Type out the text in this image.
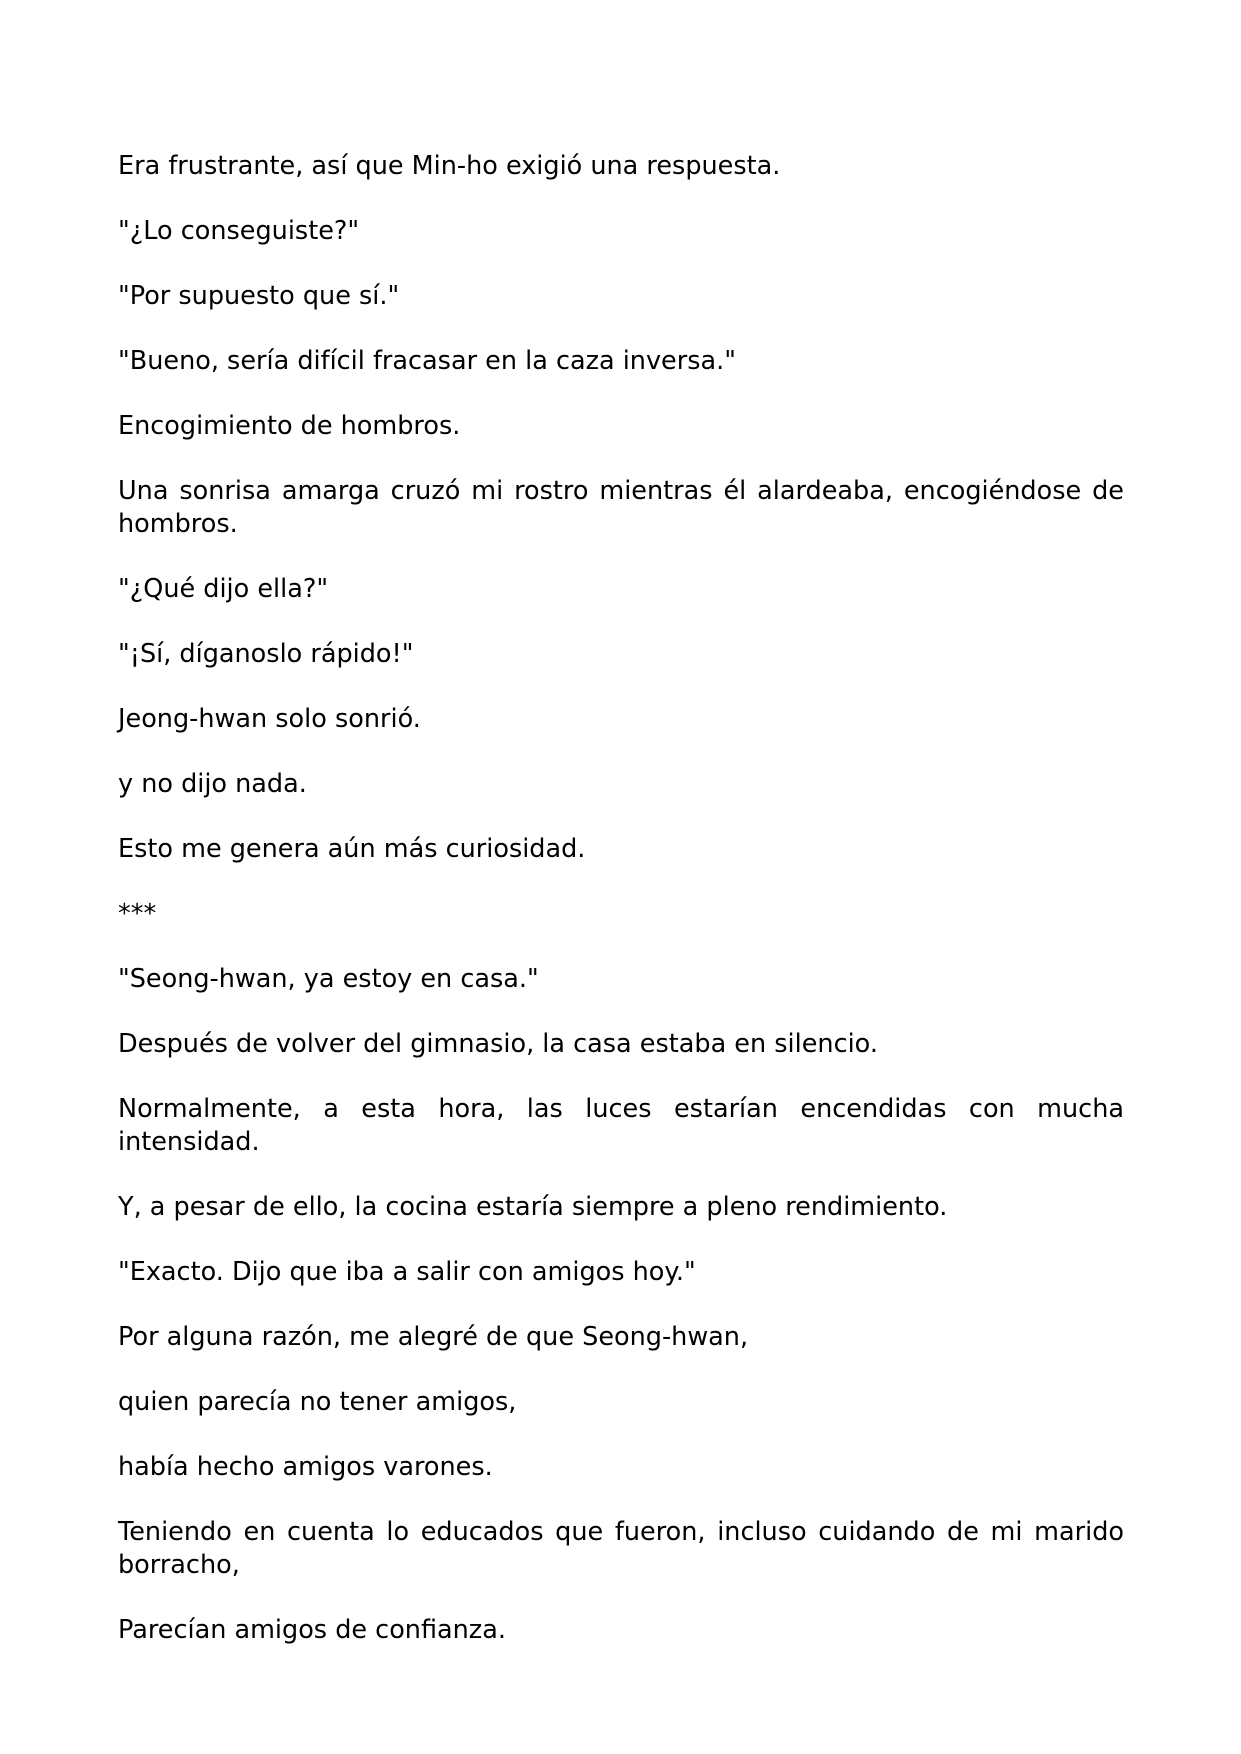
Era frustrante, así que Min-ho exigió una respuesta.

"¿Lo conseguiste?"

"Por supuesto que sí."

"Bueno, sería difícil fracasar en la caza inversa."

Encogimiento de hombros.

Una sonrisa amarga cruzó mi rostro mientras él alardeaba, encogiéndose de hombros.

"¿Qué dijo ella?"

"¡Sí, díganoslo rápido!"

Jeong-hwan solo sonrió.

y no dijo nada.

Esto me genera aún más curiosidad.

***

"Seong-hwan, ya estoy en casa."

Después de volver del gimnasio, la casa estaba en silencio.

Normalmente, a esta hora, las luces estarían encendidas con mucha intensidad.

Y, a pesar de ello, la cocina estaría siempre a pleno rendimiento.

"Exacto. Dijo que iba a salir con amigos hoy."

Por alguna razón, me alegré de que Seong-hwan,

quien parecía no tener amigos,

había hecho amigos varones.

Teniendo en cuenta lo educados que fueron, incluso cuidando de mi marido borracho,

Parecían amigos de confianza.
